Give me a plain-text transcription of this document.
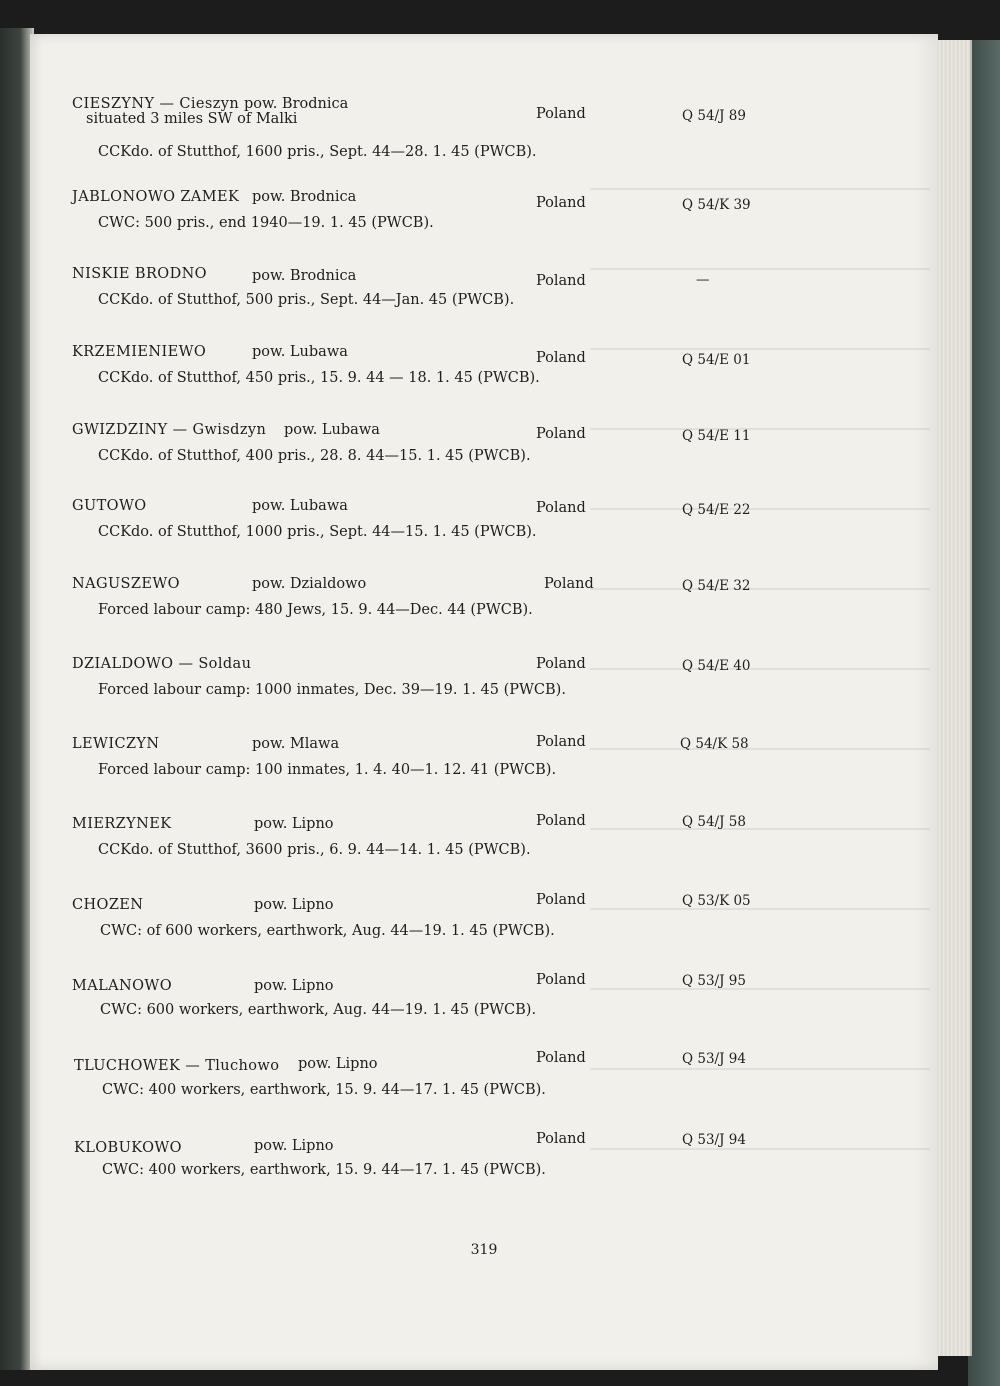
CIESZYNY — Cieszyn pow. Brodnica
situated 3 miles SW of Malki	Poland	Q 54/J 89
CCKdo. of Stutthof, 1600 pris., Sept. 44—28. 1. 45 (PWCB).
JABLONOWO ZAMEK pow. Brodnica	Poland	Q 54/K 39
CWC: 500 pris., end 1940—19. 1. 45 (PWCB).
NISKIE BRODNO	pow. Brodnica	Poland	—
CCKdo. of Stutthof, 500 pris., Sept. 44—Jan. 45 (PWCB).
KRZEMIENIEWO	pow. Lubawa	Poland	Q 54/E 01
CCKdo. of Stutthof, 450 pris., 15. 9. 44 — 18. 1. 45 (PWCB).
GWIZDZINY — Gwisdzyn pow. Lubawa	Poland	Q 54/E 11
CCKdo. of Stutthof, 400 pris., 28. 8. 44—15. 1. 45 (PWCB).
GUTOWO	pow. Lubawa	Poland	Q 54/E 22
CCKdo. of Stutthof, 1000 pris., Sept. 44—15. 1. 45 (PWCB).
NAGUSZEWO	pow. Dzialdowo	Poland	Q 54/E 32
Forced labour camp: 480 Jews, 15. 9. 44—Dec. 44 (PWCB).
DZIALDOWO — Soldau	Poland	Q 54/E 40
Forced labour camp: 1000 inmates, Dec. 39—19. 1. 45 (PWCB).
LEWICZYN	pow. Mlawa	Poland	Q 54/K 58
Forced labour camp: 100 inmates, 1. 4. 40—1. 12. 41 (PWCB).
MIERZYNEK	pow. Lipno	Poland	Q 54/J 58
CCKdo. of Stutthof, 3600 pris., 6. 9. 44—14. 1. 45 (PWCB).
CHOZEN	pow. Lipno	Poland	Q 53/K 05
CWC: of 600 workers, earthwork, Aug. 44—19. 1. 45 (PWCB).
MALANOWO	pow. Lipno	Poland	Q 53/J 95
CWC: 600 workers, earthwork, Aug. 44—19. 1. 45 (PWCB).
TLUCHOWEK — Tluchowo pow. Lipno	Poland	Q 53/J 94
CWC: 400 workers, earthwork, 15. 9. 44—17. 1. 45 (PWCB).
KLOBUKOWO	pow. Lipno	Poland	Q 53/J 94
CWC: 400 workers, earthwork, 15. 9. 44—17. 1. 45 (PWCB).
319
